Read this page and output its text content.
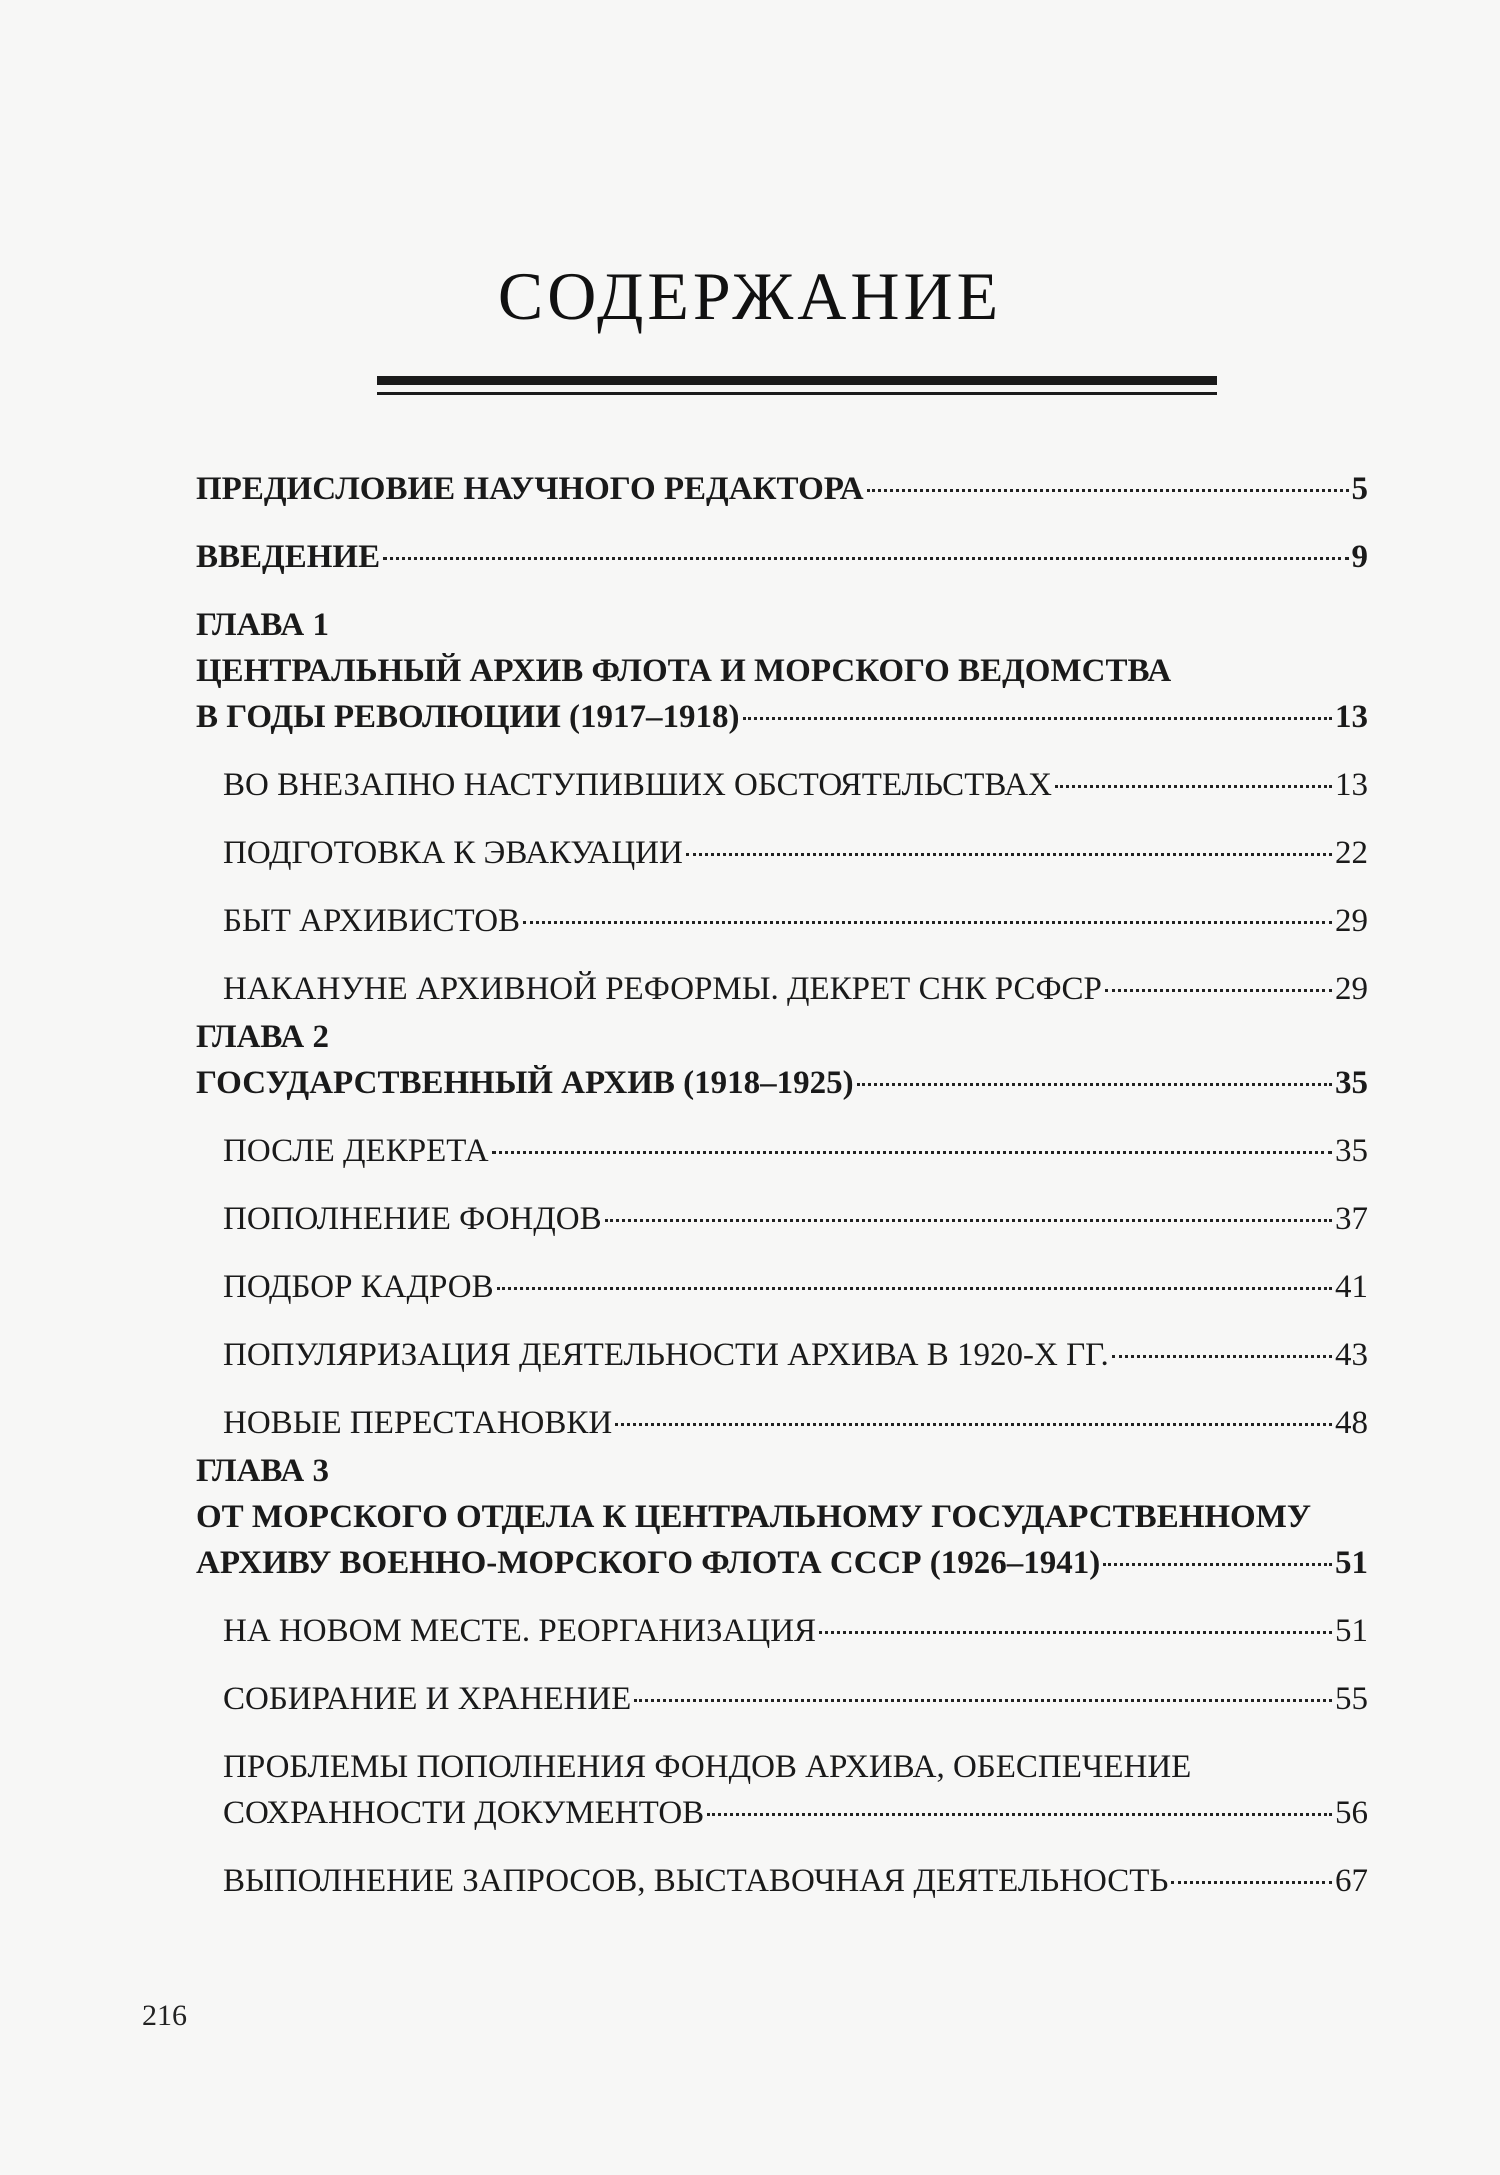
СОДЕРЖАНИЕ
ПРЕДИСЛОВИЕ НАУЧНОГО РЕДАКТОРА	5
ВВЕДЕНИЕ	9
ГЛАВА 1
ЦЕНТРАЛЬНЫЙ АРХИВ ФЛОТА И МОРСКОГО ВЕДОМСТВА
В ГОДЫ РЕВОЛЮЦИИ (1917–1918)	13
ВО ВНЕЗАПНО НАСТУПИВШИХ ОБСТОЯТЕЛЬСТВАХ	13
ПОДГОТОВКА К ЭВАКУАЦИИ	22
БЫТ АРХИВИСТОВ	29
НАКАНУНЕ АРХИВНОЙ РЕФОРМЫ. ДЕКРЕТ СНК РСФСР	29
ГЛАВА 2
ГОСУДАРСТВЕННЫЙ АРХИВ (1918–1925)	35
ПОСЛЕ ДЕКРЕТА	35
ПОПОЛНЕНИЕ ФОНДОВ	37
ПОДБОР КАДРОВ	41
ПОПУЛЯРИЗАЦИЯ ДЕЯТЕЛЬНОСТИ АРХИВА В 1920-Х ГГ.	43
НОВЫЕ ПЕРЕСТАНОВКИ	48
ГЛАВА 3
ОТ МОРСКОГО ОТДЕЛА К ЦЕНТРАЛЬНОМУ ГОСУДАРСТВЕННОМУ
АРХИВУ ВОЕННО-МОРСКОГО ФЛОТА СССР (1926–1941)	51
НА НОВОМ МЕСТЕ. РЕОРГАНИЗАЦИЯ	51
СОБИРАНИЕ И ХРАНЕНИЕ	55
ПРОБЛЕМЫ ПОПОЛНЕНИЯ ФОНДОВ АРХИВА, ОБЕСПЕЧЕНИЕ
СОХРАННОСТИ ДОКУМЕНТОВ	56
ВЫПОЛНЕНИЕ ЗАПРОСОВ, ВЫСТАВОЧНАЯ ДЕЯТЕЛЬНОСТЬ	67
216
